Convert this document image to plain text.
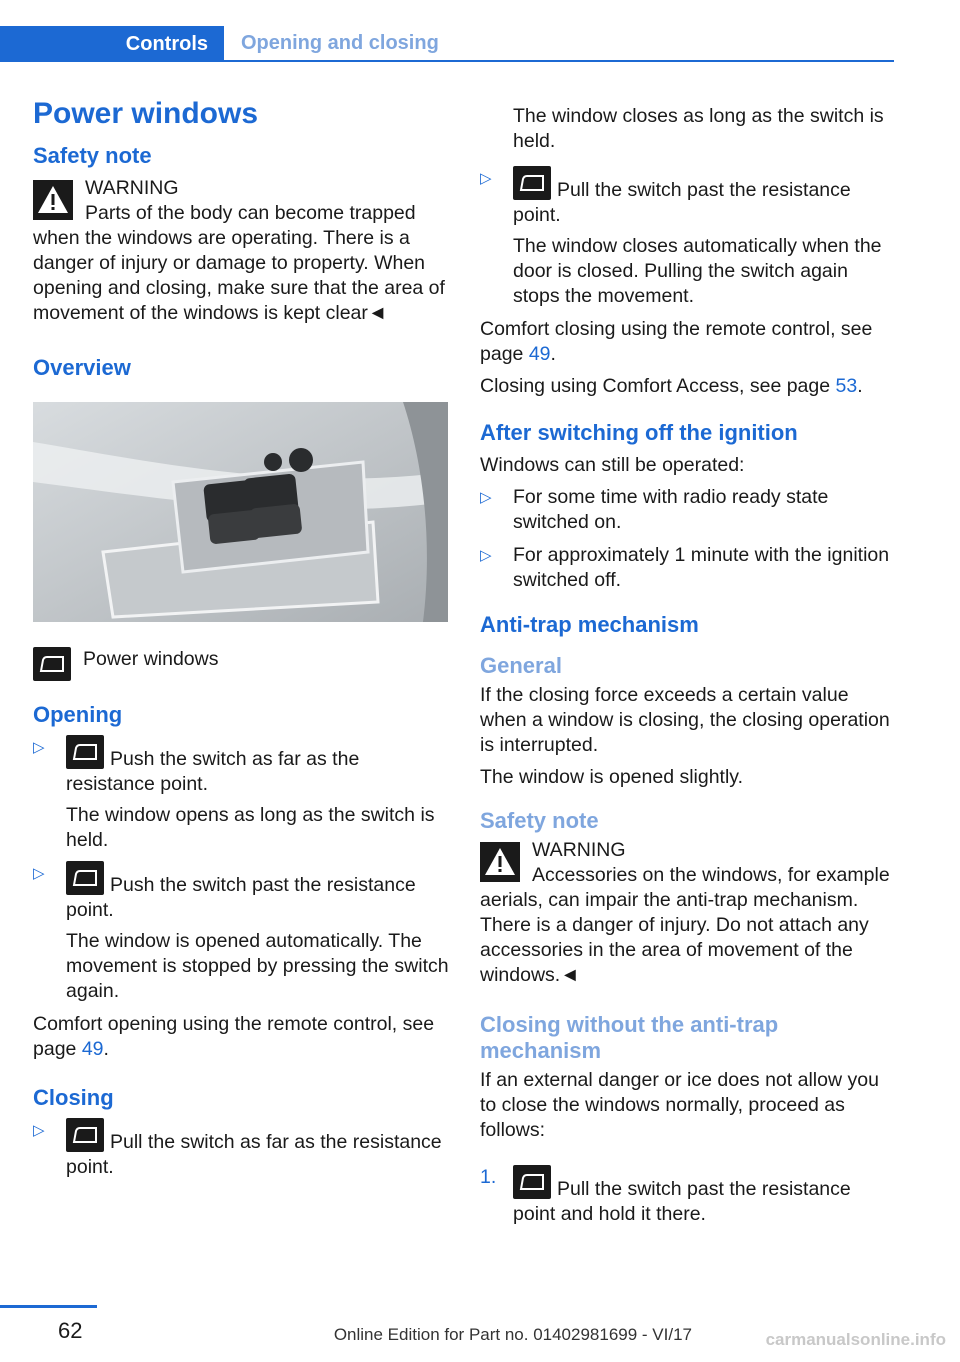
Controls	Opening and closing
Power windows
Safety note
WARNING
Parts of the body can become trapped when the windows are operating. There is a danger of injury or damage to property. When opening and closing, make sure that the area of movement of the windows is kept clear◄
Overview
Power windows
Opening
▷

Push the switch as far as the resistance point.

The window opens as long as the switch is held.

▷

Push the switch past the resistance point.

The window is opened automatically. The movement is stopped by pressing the switch again.

Comfort opening using the remote control, see page 49.

Closing
▷

Pull the switch as far as the resistance point.

The window closes as long as the switch is held.

▷

Pull the switch past the resistance point.

The window closes automatically when the door is closed. Pulling the switch again stops the movement.

Comfort closing using the remote control, see page 49.

Closing using Comfort Access, see page 53.

After switching off the ignition

Windows can still be operated:

▷ For some time with radio ready state switched on.

▷ For approximately 1 minute with the ignition switched off.

Anti-trap mechanism
General

If the closing force exceeds a certain value when a window is closing, the closing operation is interrupted.

The window is opened slightly.

Safety note
WARNING
Accessories on the windows, for example aerials, can impair the anti-trap mechanism. There is a danger of injury. Do not attach any accessories in the area of movement of the windows.◄
Closing without the anti-trap mechanism

If an external danger or ice does not allow you to close the windows normally, proceed as follows:

1.

Pull the switch past the resistance point and hold it there.

62	Online Edition for Part no. 01402981699 - VI/17	carmanualsonline.info
